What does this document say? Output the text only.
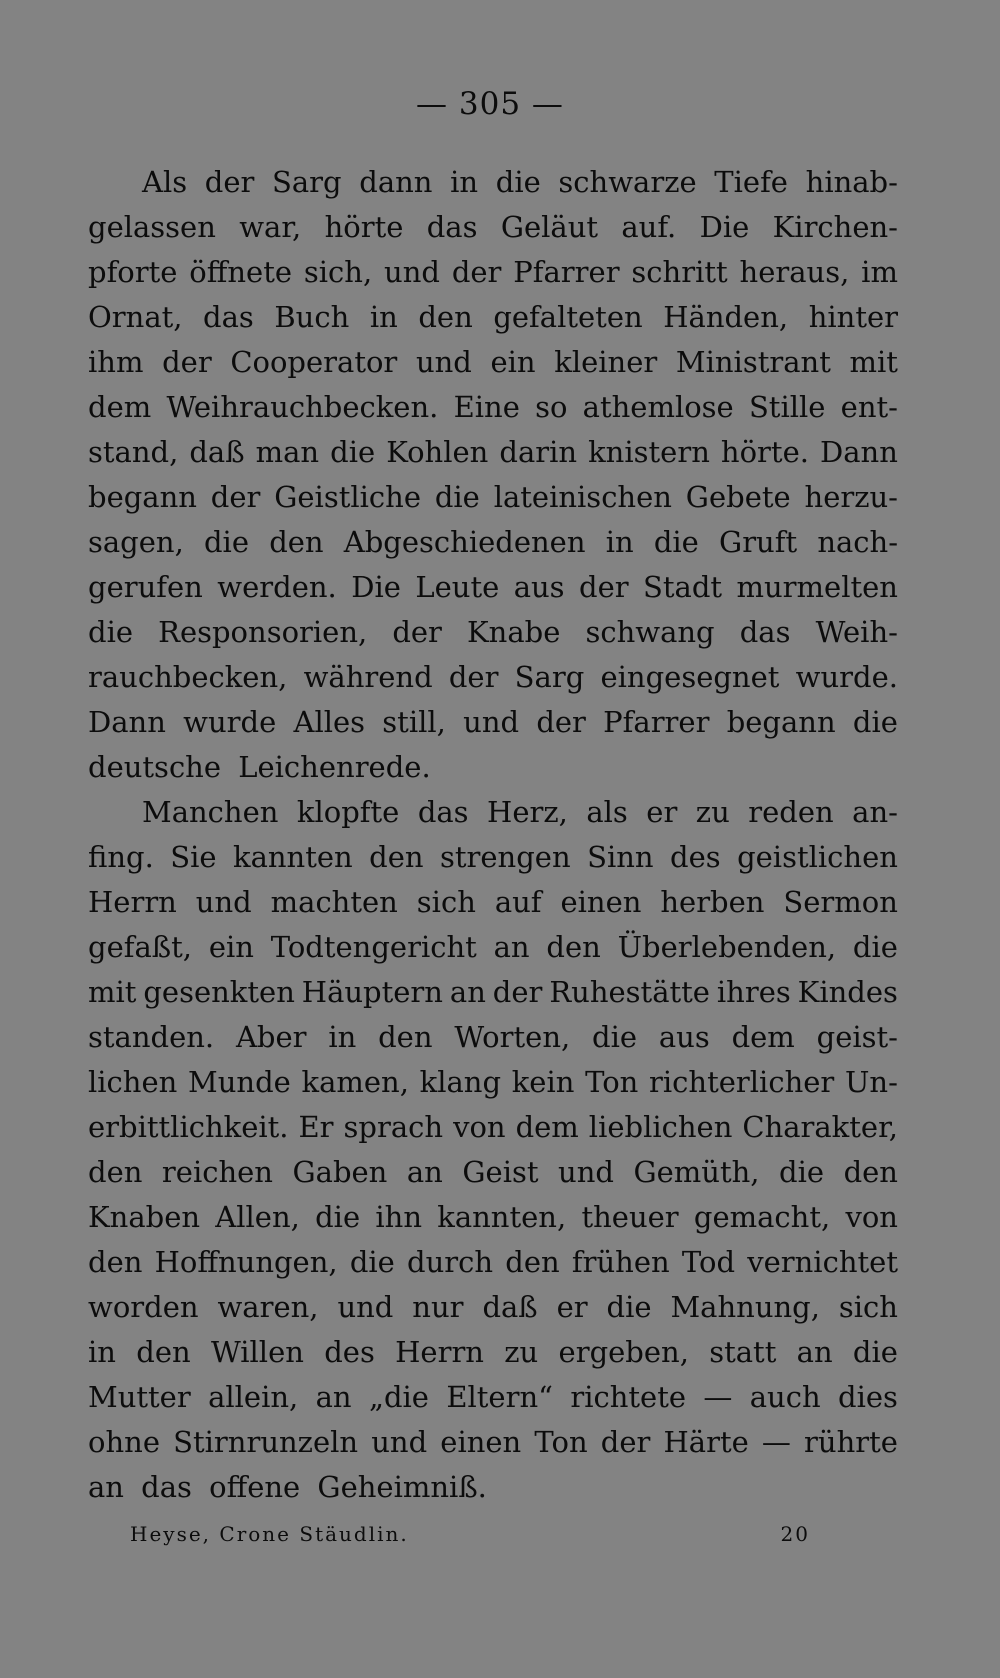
— 305 —
Als der Sarg dann in die schwarze Tiefe hinab-
gelassen war, hörte das Geläut auf. Die Kirchen-
pforte öffnete sich, und der Pfarrer schritt heraus, im
Ornat, das Buch in den gefalteten Händen, hinter
ihm der Cooperator und ein kleiner Ministrant mit
dem Weihrauchbecken. Eine so athemlose Stille ent-
stand, daß man die Kohlen darin knistern hörte. Dann
begann der Geistliche die lateinischen Gebete herzu-
sagen, die den Abgeschiedenen in die Gruft nach-
gerufen werden. Die Leute aus der Stadt murmelten
die Responsorien, der Knabe schwang das Weih-
rauchbecken, während der Sarg eingesegnet wurde.
Dann wurde Alles still, und der Pfarrer begann die
deutsche Leichenrede.
Manchen klopfte das Herz, als er zu reden an-
fing. Sie kannten den strengen Sinn des geistlichen
Herrn und machten sich auf einen herben Sermon
gefaßt, ein Todtengericht an den Überlebenden, die
mit gesenkten Häuptern an der Ruhestätte ihres Kindes
standen. Aber in den Worten, die aus dem geist-
lichen Munde kamen, klang kein Ton richterlicher Un-
erbittlichkeit. Er sprach von dem lieblichen Charakter,
den reichen Gaben an Geist und Gemüth, die den
Knaben Allen, die ihn kannten, theuer gemacht, von
den Hoffnungen, die durch den frühen Tod vernichtet
worden waren, und nur daß er die Mahnung, sich
in den Willen des Herrn zu ergeben, statt an die
Mutter allein, an „die Eltern“ richtete — auch dies
ohne Stirnrunzeln und einen Ton der Härte — rührte
an das offene Geheimniß.
Heyse, Crone Stäudlin.	20
